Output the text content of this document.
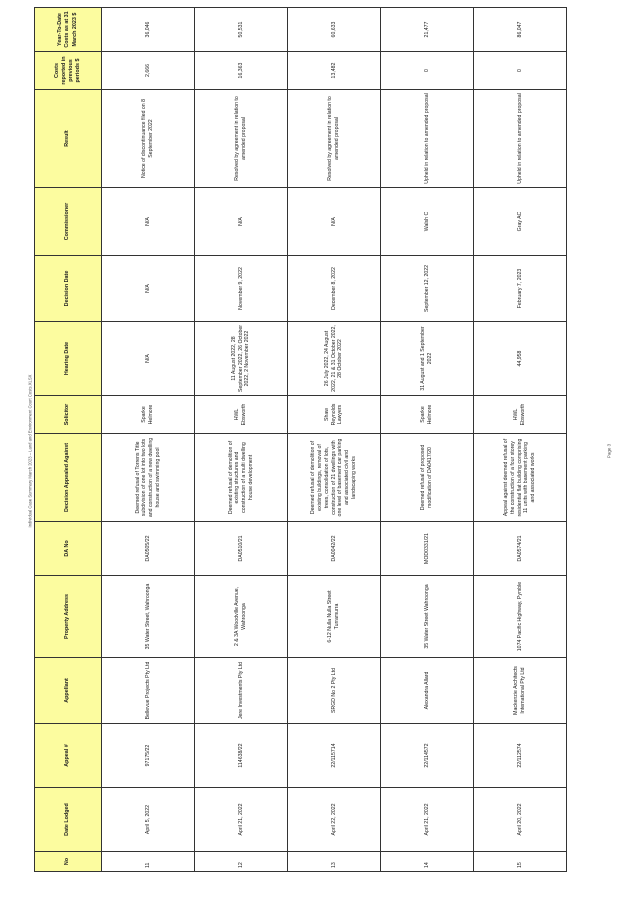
Individual Case Summary March 2023 – Land and Environment Court Costs.XLSX	Page 3
No	Date Lodged	Appeal #	Appellant	Property Address	DA No	Decision Appealed Against	Solicitor	Hearing Date	Decision Date	Commissioner	Result	Costs reported in previous periods $	Year-To-Date Costs as at 31 March 2023 $
11	April 5, 2022	97175/22	Bellevue Projects Pty Ltd	35 Water Street, Wahroonga	DA0505/22	Deemed refusal of Torrens Title subdivision of one lot into two lots and construction of a new dwelling house and swimming pool	Sparke Helmore	N/A	N/A	N/A	Notice of discontinuance filed on 8 September 2022	2,666	36,046
12	April 21, 2022	114638/22	Jere Investments Pty Ltd	2 & 3A Woodville Avenue, Wahroonga	DA0510/21	Deemed refusal of demolition of existing structures and construction of a multi dwelling house development	HWL Ebsworth	11 August 2022, 28 September 2022, 26 October 2022, 2 November 2022	November 9, 2022	N/A	Resolved by agreement in relation to amended proposal	16,363	50,531
13	April 22, 2022	22/115714	SRGD No 2 Pty Ltd	6-12 Nulla Nulla Street Turramurra	DA0042/22	Deemed refusal of demolition of existing buildings, removal of trees, consolidation of lots, construction of 21 dwellings with one level of basement car parking and associated civil and landscaping works	Shaw Reynolds Lawyers	26 July 2022, 24 August 2022, 21 & 31 October 2022, 28 October 2022	December 8, 2022	N/A	Resolved by agreement in relation to amended proposal	13,482	60,633
14	April 21, 2022	22/114572	Alexandra Allard	35 Water Street Wahroonga	MOD0331/21	Deemed refusal of proposed modification of DA0417/20	Sparke Helmore	31 August and 1 September 2022	September 12, 2022	Walsh C	Upheld in relation to amended proposal	0	21,477
15	April 20, 2022	22/112574	Mackenzie Architects International Pty Ltd	1074 Pacific Highway, Pymble	DA0574/21	Appeal against deemed refusal of the construction of a four storey residential flat building comprising 11 units with basement parking and associated works	HWL Ebsworth	44,958	February 7, 2023	Gray AC	Upheld in relation to amended proposal	0	86,047
